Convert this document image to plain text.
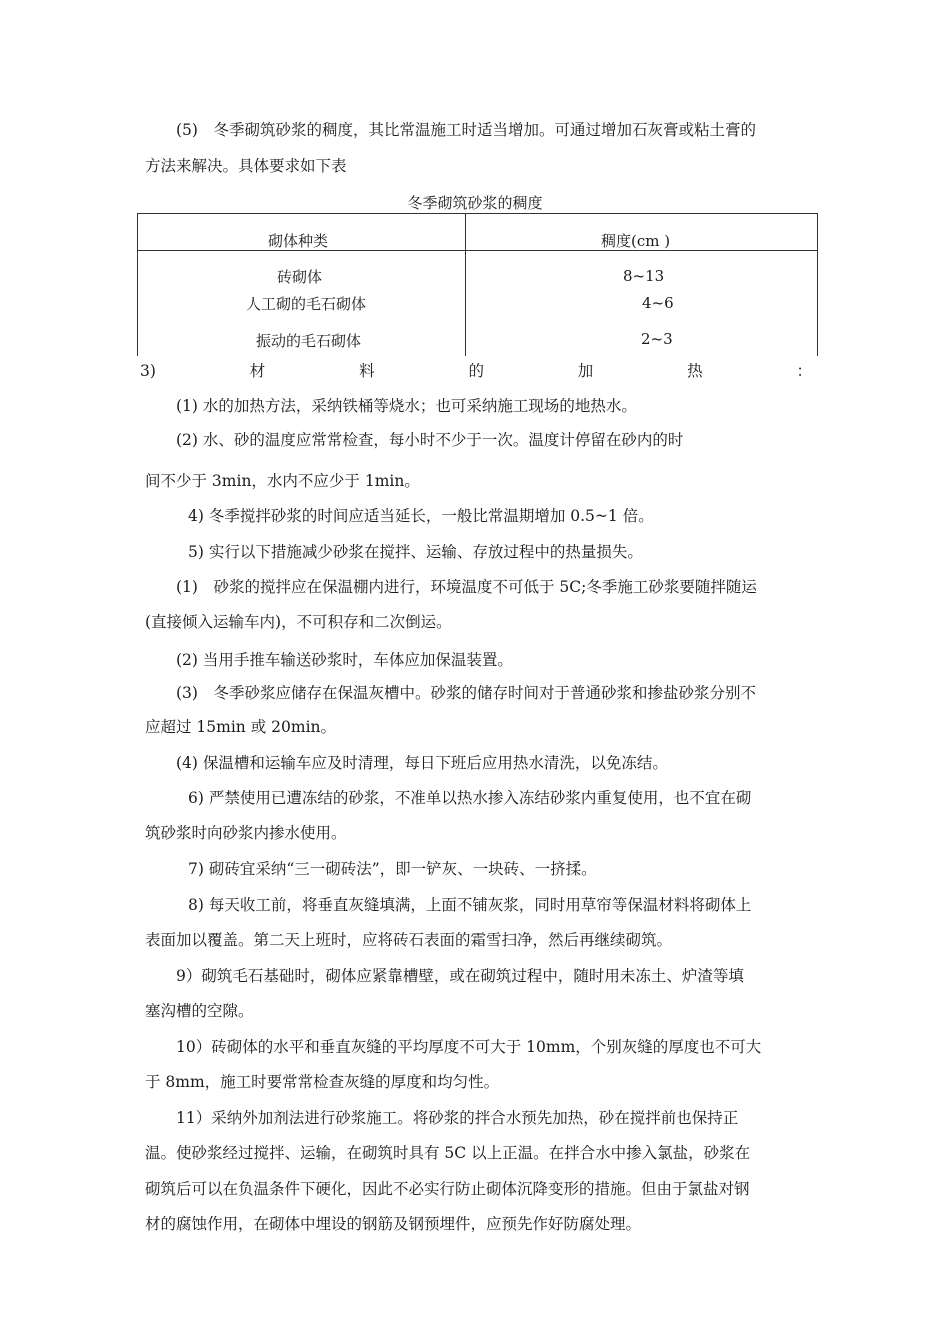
(5)　冬季砌筑砂浆的稠度，其比常温施工时适当增加。可通过增加石灰膏或粘土膏的
方法来解决。具体要求如下表
冬季砌筑砂浆的稠度
砌体种类	稠度(cm )
砖砌体	8~13
人工砌的毛石砌体	4~6
振动的毛石砌体	2~3
3)	材	料	的	加	热	：
(1) 水的加热方法，采纳铁桶等烧水；也可采纳施工现场的地热水。
(2) 水、砂的温度应常常检查，每小时不少于一次。温度计停留在砂内的时
间不少于 3min，水内不应少于 1min。
4) 冬季搅拌砂浆的时间应适当延长，一般比常温期增加 0.5~1 倍。
5) 实行以下措施减少砂浆在搅拌、运输、存放过程中的热量损失。
(1)　砂浆的搅拌应在保温棚内进行，环境温度不可低于 5C;冬季施工砂浆要随拌随运
(直接倾入运输车内)，不可积存和二次倒运。
(2) 当用手推车输送砂浆时，车体应加保温装置。
(3)　冬季砂浆应储存在保温灰槽中。砂浆的储存时间对于普通砂浆和掺盐砂浆分别不
应超过 15min 或 20min。
(4) 保温槽和运输车应及时清理，每日下班后应用热水清洗，以免冻结。
6) 严禁使用已遭冻结的砂浆，不准单以热水掺入冻结砂浆内重复使用，也不宜在砌
筑砂浆时向砂浆内掺水使用。
7) 砌砖宜采纳“三一砌砖法”，即一铲灰、一块砖、一挤揉。
8) 每天收工前，将垂直灰缝填满，上面不铺灰浆，同时用草帘等保温材料将砌体上
表面加以覆盖。第二天上班时，应将砖石表面的霜雪扫净，然后再继续砌筑。
9）砌筑毛石基础时，砌体应紧靠槽壁，或在砌筑过程中，随时用未冻土、炉渣等填
塞沟槽的空隙。
10）砖砌体的水平和垂直灰缝的平均厚度不可大于 10mm，个别灰缝的厚度也不可大
于 8mm，施工时要常常检查灰缝的厚度和均匀性。
11）采纳外加剂法进行砂浆施工。将砂浆的拌合水预先加热，砂在搅拌前也保持正
温。使砂浆经过搅拌、运输，在砌筑时具有 5C 以上正温。在拌合水中掺入氯盐，砂浆在
砌筑后可以在负温条件下硬化，因此不必实行防止砌体沉降变形的措施。但由于氯盐对钢
材的腐蚀作用，在砌体中埋设的钢筋及钢预埋件，应预先作好防腐处理。
